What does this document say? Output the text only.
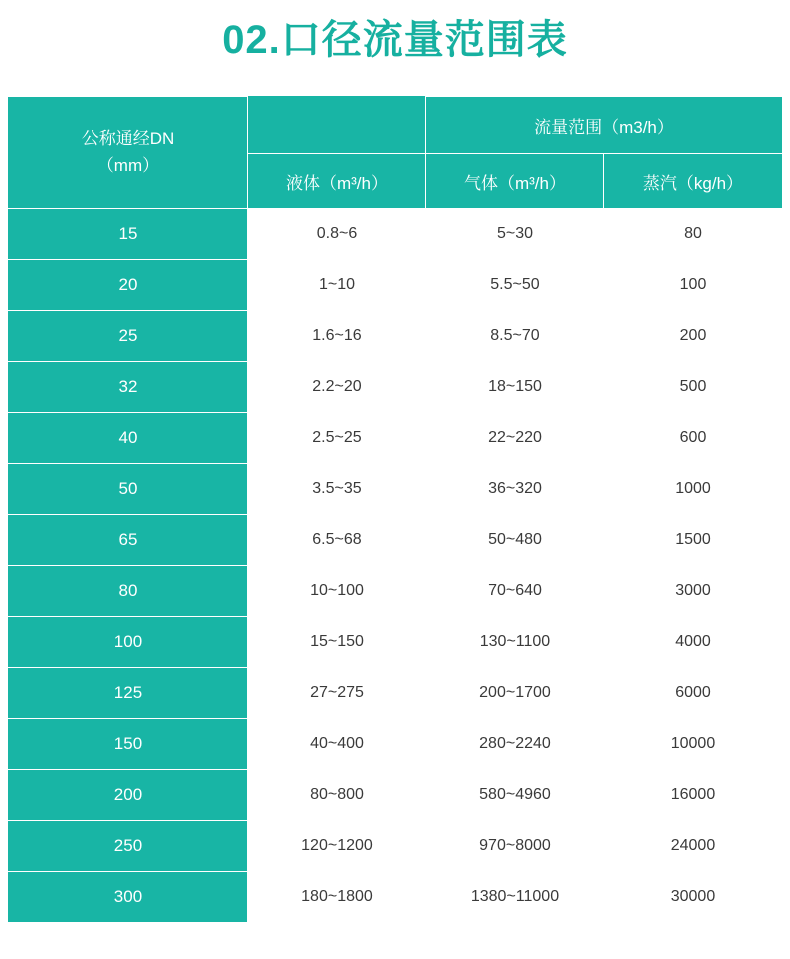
02.口径流量范围表
公称通经DN
（mm）		流量范围（m3/h）	
	液体（m³/h）	气体（m³/h）	蒸汽（kg/h）
15	0.8~6	5~30	80
20	1~10	5.5~50	100
25	1.6~16	8.5~70	200
32	2.2~20	18~150	500
40	2.5~25	22~220	600
50	3.5~35	36~320	1000
65	6.5~68	50~480	1500
80	10~100	70~640	3000
100	15~150	130~1100	4000
125	27~275	200~1700	6000
150	40~400	280~2240	10000
200	80~800	580~4960	16000
250	120~1200	970~8000	24000
300	180~1800	1380~11000	30000
